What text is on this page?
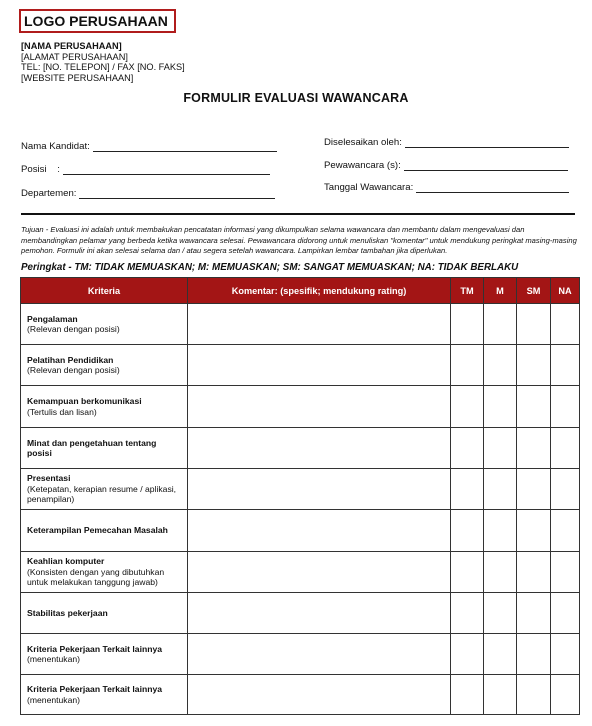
LOGO PERUSAHAAN
[NAMA PERUSAHAAN]
[ALAMAT PERUSAHAAN]
TEL: [NO. TELEPON] / FAX [NO. FAKS]
[WEBSITE PERUSAHAAN]
FORMULIR EVALUASI WAWANCARA
Nama Kandidat:
Posisi    :
Departemen:
Diselesaikan oleh:
Pewawancara (s):
Tanggal Wawancara:
Tujuan - Evaluasi ini adalah untuk membakukan pencatatan informasi yang dikumpulkan selama wawancara dan membantu dalam mengevaluasi dan membandingkan pelamar yang berbeda ketika wawancara selesai. Pewawancara didorong untuk menuliskan "komentar" untuk mendukung peringkat masing-masing pemohon. Formulir ini akan selesai selama dan / atau segera setelah wawancara. Lampirkan lembar tambahan jika diperlukan.
Peringkat - TM: TIDAK MEMUASKAN; M: MEMUASKAN; SM: SANGAT MEMUASKAN; NA: TIDAK BERLAKU
Kriteria	Komentar: (spesifik; mendukung rating)	TM	M	SM	NA

Pengalaman
(Relevan dengan posisi)					

Pelatihan Pendidikan
(Relevan dengan posisi)					

Kemampuan berkomunikasi
(Tertulis dan lisan)					

Minat dan pengetahuan tentang posisi					

Presentasi
(Ketepatan, kerapian resume / aplikasi, penampilan)					

Keterampilan Pemecahan Masalah					

Keahlian komputer
(Konsisten dengan yang dibutuhkan untuk melakukan tanggung jawab)					

Stabilitas pekerjaan					

Kriteria Pekerjaan Terkait lainnya
(menentukan)					

Kriteria Pekerjaan Terkait lainnya
(menentukan)					
